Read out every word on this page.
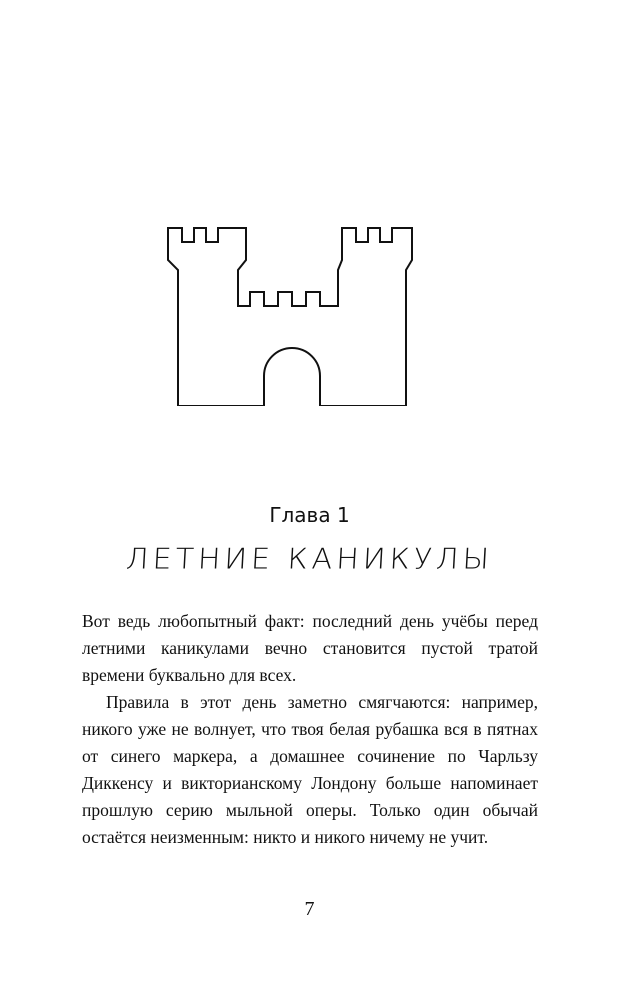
Глава 1
ЛЕТНИЕ КАНИКУЛЫ

Вот ведь любопытный факт: последний день учёбы перед летними каникулами вечно становится пустой тратой времени буквально для всех.

Правила в этот день заметно смягчаются: например, никого уже не волнует, что твоя белая рубашка вся в пятнах от синего маркера, а домашнее сочинение по Чарльзу Диккенсу и викторианскому Лондону больше напоминает прошлую серию мыльной оперы. Только один обычай остаётся неизменным: никто и никого ничему не учит.

7
